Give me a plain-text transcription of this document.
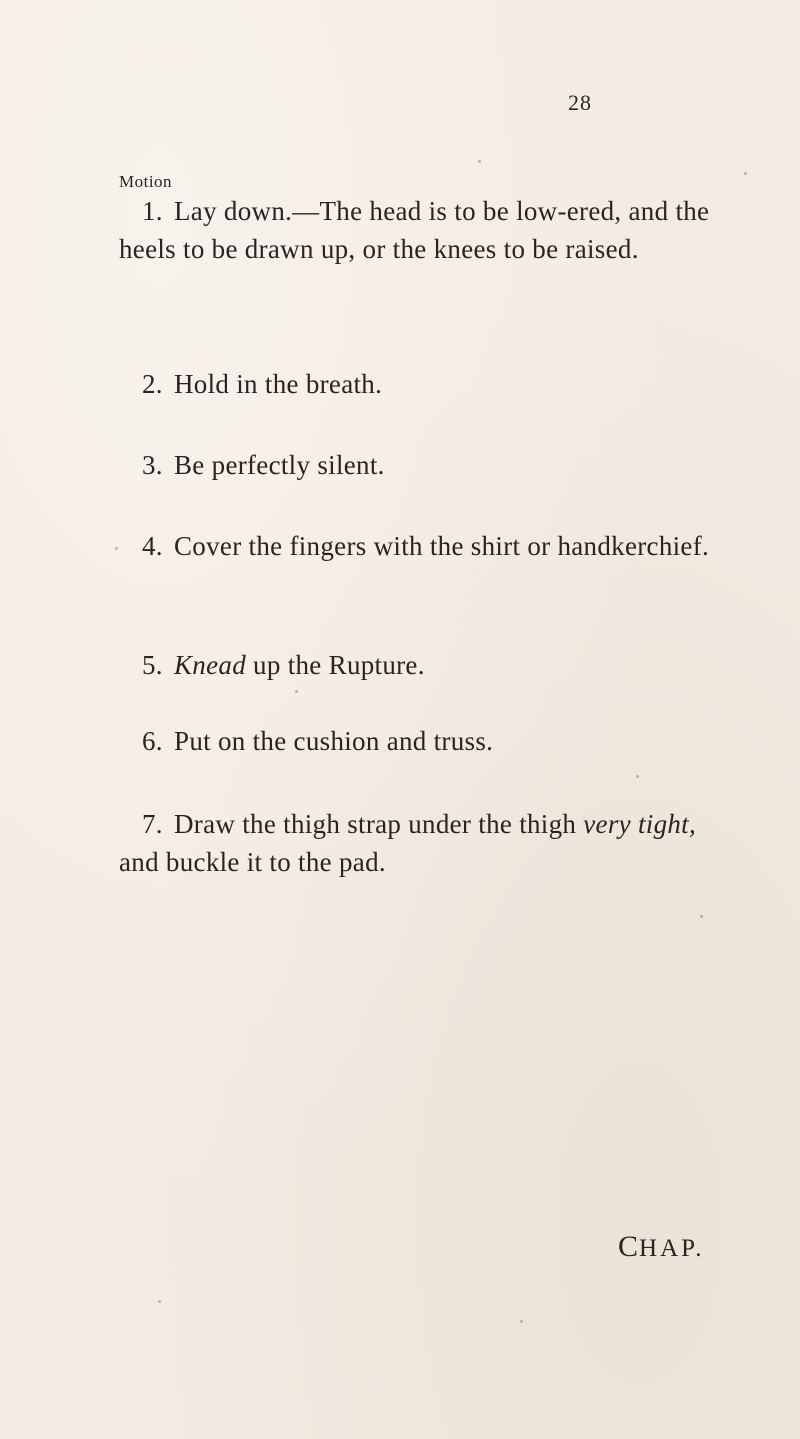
28
Motion
1. Lay down.—The head is to be low-ered, and the heels to be drawn up, or the knees to be raised.
2. Hold in the breath.
3. Be perfectly silent.
4. Cover the fingers with the shirt or handkerchief.
5. Knead up the Rupture.
6. Put on the cushion and truss.
7. Draw the thigh strap under the thigh very tight, and buckle it to the pad.
CHAP.
